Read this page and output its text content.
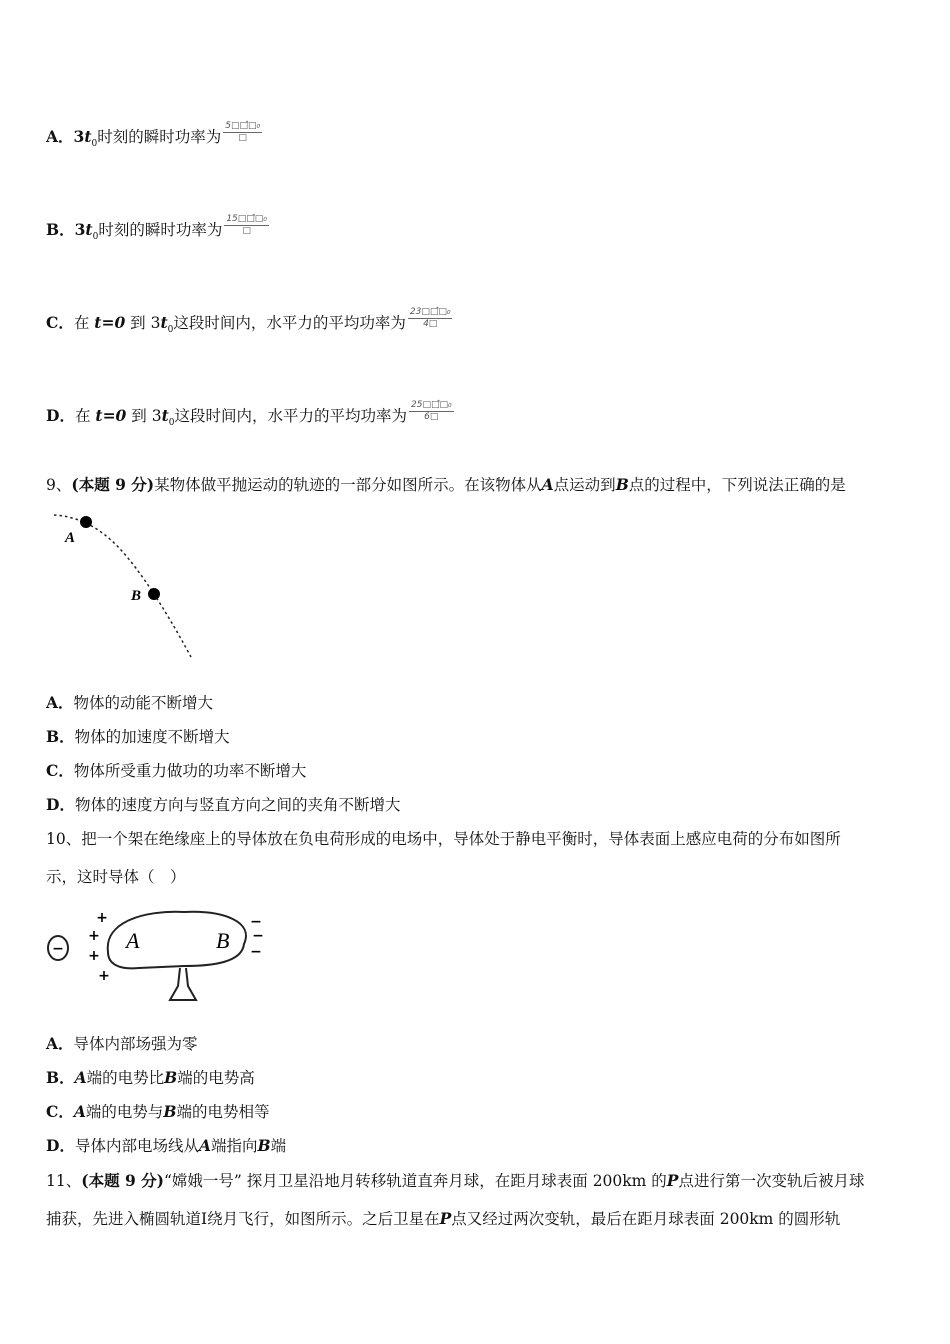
A．$3t_0$时刻的瞬时功率为 $\frac{\text{5□□̂□₀}}{□}$
B．$3t_0$时刻的瞬时功率为 $\frac{\text{15□□̂□₀}}{□}$
C．在 t=0 到 $3t_0$这段时间内，水平力的平均功率为 $\frac{\text{23□□̂□₀}}{4□}$
D．在 t=0 到 $3t_0$这段时间内，水平力的平均功率为 $\frac{\text{25□□̂□₀}}{6□}$
9、(本题 9 分)某物体做平抛运动的轨迹的一部分如图所示。在该物体从A点运动到B点的过程中，下列说法正确的是
A
B
A．物体的动能不断增大
B．物体的加速度不断增大
C．物体所受重力做功的功率不断增大
D．物体的速度方向与竖直方向之间的夹角不断增大
10、把一个架在绝缘座上的导体放在负电荷形成的电场中，导体处于静电平衡时，导体表面上感应电荷的分布如图所
示，这时导体（　）
−
+
+
+
+
A	B
−
−
−
A．导体内部场强为零
B．A端的电势比B端的电势高
C．A端的电势与B端的电势相等
D．导体内部电场线从A端指向B端
11、(本题 9 分)“嫦娥一号” 探月卫星沿地月转移轨道直奔月球，在距月球表面 200km 的P点进行第一次变轨后被月球
捕获，先进入椭圆轨道Ⅰ绕月飞行，如图所示。之后卫星在P点又经过两次变轨，最后在距月球表面 200km 的圆形轨
